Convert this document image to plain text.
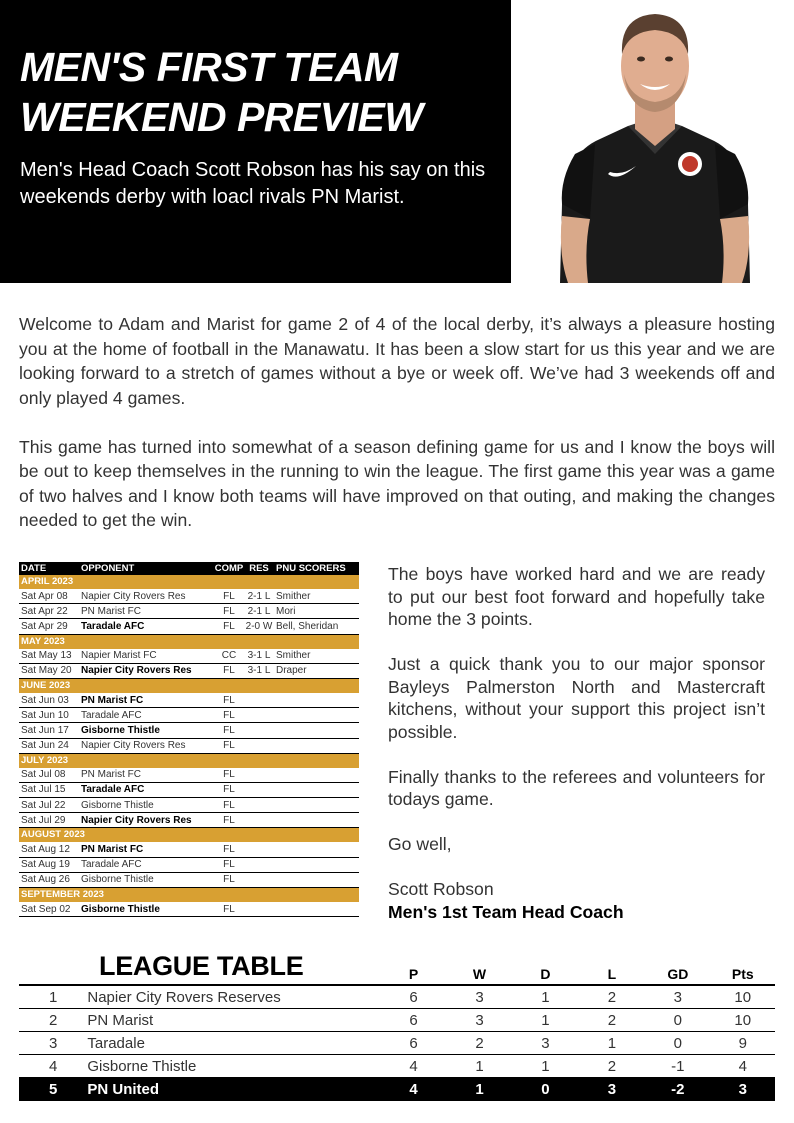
MEN'S FIRST TEAM
WEEKEND PREVIEW
Men's Head Coach Scott Robson has his say on this weekends derby with loacl rivals PN Marist.

Welcome to Adam and Marist for game 2 of 4 of the local derby, it’s always a pleasure hosting you at the home of football in the Manawatu. It has been a slow start for us this year and we are looking forward to a stretch of games without a bye or week off. We’ve had 3 weekends off and only played 4 games.

This game has turned into somewhat of a season defining game for us and I know the boys will be out to keep themselves in the running to win the league. The first game this year was a game of two halves and I know both teams will have improved on that outing, and making the changes needed to get the win.

DATE	OPPONENT	COMP RES PNU SCORERS
APRIL 2023
Sat Apr 08	Napier City Rovers Res	FL	2-1 L Smither
Sat Apr 22	PN Marist FC	FL	2-1 L Mori
Sat Apr 29	Taradale AFC	FL	2-0 W Bell, Sheridan
MAY 2023
Sat May 13 Napier Marist FC	CC	3-1 L Smither
Sat May 20 Napier City Rovers Res	FL	3-1 L Draper
JUNE 2023
Sat Jun 03	PN Marist FC	FL
Sat Jun 10	Taradale AFC	FL
Sat Jun 17	Gisborne Thistle	FL
Sat Jun 24	Napier City Rovers Res	FL
JULY 2023
Sat Jul 08	PN Marist FC	FL
Sat Jul 15	Taradale AFC	FL
Sat Jul 22	Gisborne Thistle	FL
Sat Jul 29	Napier City Rovers Res	FL
AUGUST 2023
Sat Aug 12	PN Marist FC	FL
Sat Aug 19	Taradale AFC	FL
Sat Aug 26	Gisborne Thistle	FL
SEPTEMBER 2023
Sat Sep 02	Gisborne Thistle	FL

The boys have worked hard and we are ready to put our best foot forward and hopefully take home the 3 points.

Just a quick thank you to our major sponsor Bayleys Palmerston North and Mastercraft kitchens, without your support this project isn’t possible.

Finally thanks to the referees and volunteers for todays game.

Go well,

Scott Robson

Men's 1st Team Head Coach

LEAGUE TABLE	P	W	D	L	GD	Pts
1	Napier City Rovers Reserves	6	3	1	2	3	10
2	PN Marist	6	3	1	2	0	10
3	Taradale	6	2	3	1	0	9
4	Gisborne Thistle	4	1	1	2	-1	4
5	PN United	4	1	0	3	-2	3
